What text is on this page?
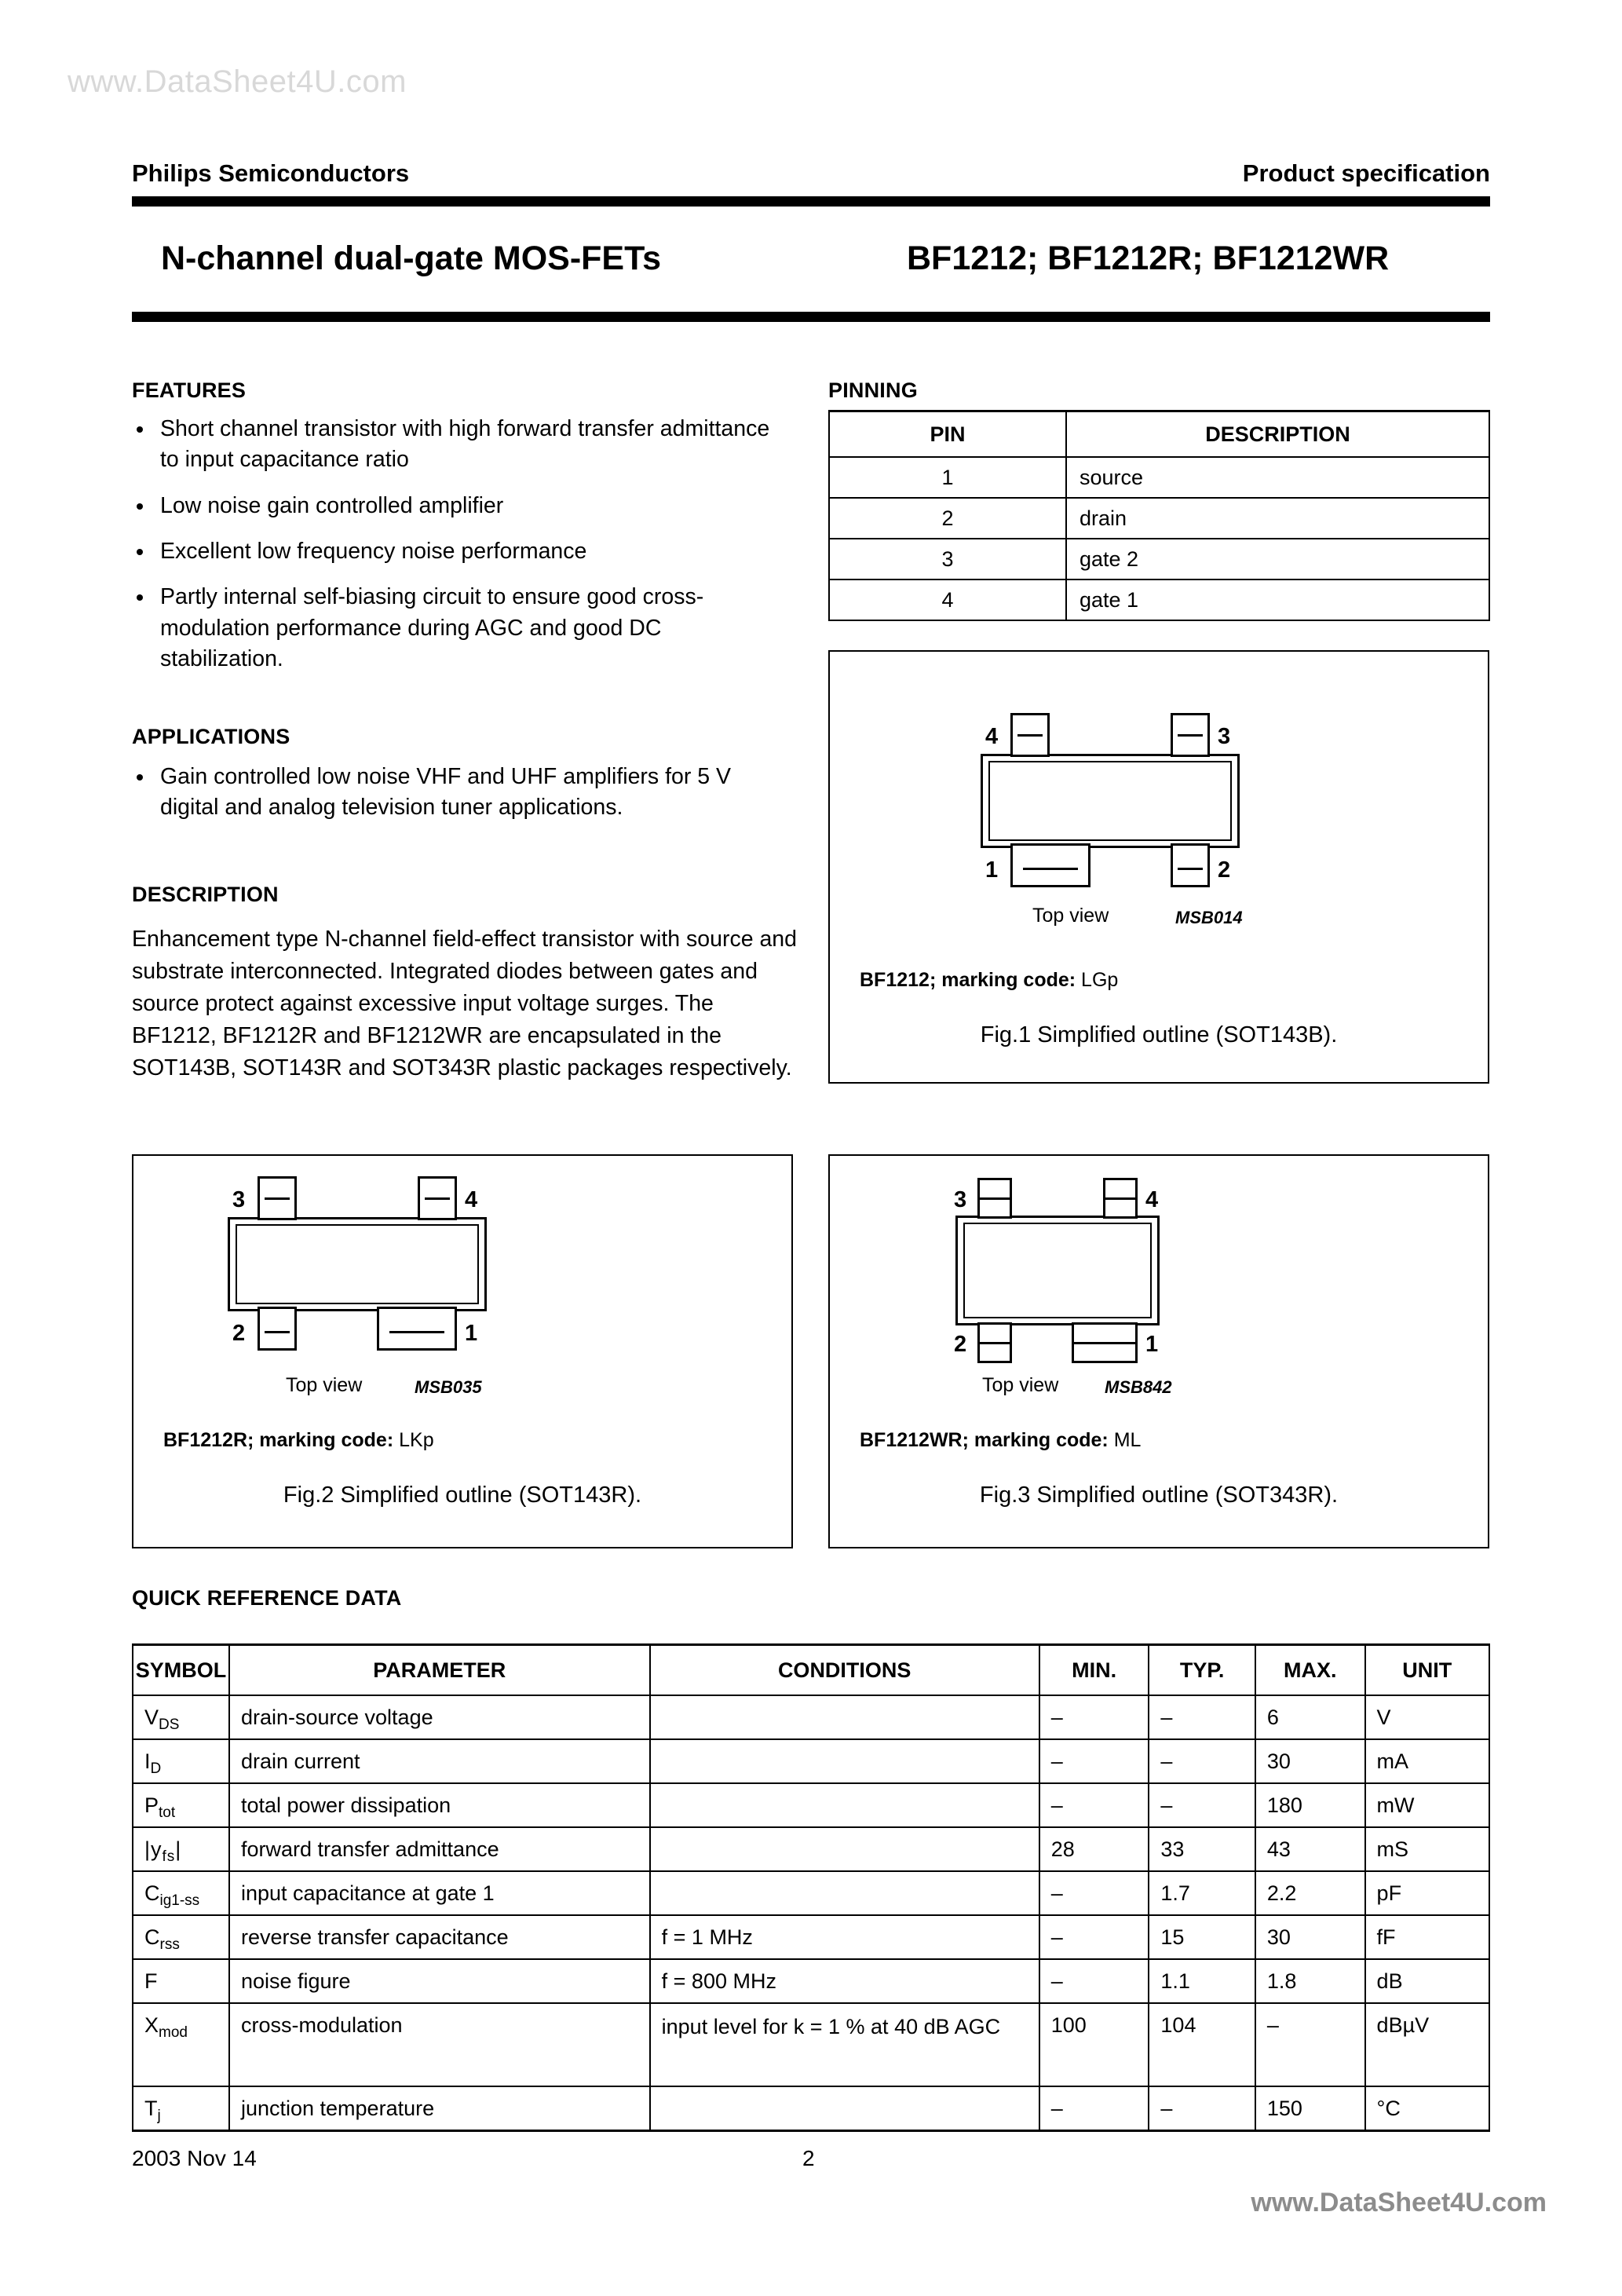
www.DataSheet4U.com
Philips Semiconductors	Product specification
N-channel dual-gate MOS-FETs	BF1212; BF1212R; BF1212WR
FEATURES
Short channel transistor with high forward transfer admittance to input capacitance ratio
Low noise gain controlled amplifier
Excellent low frequency noise performance
Partly internal self-biasing circuit to ensure good cross-modulation performance during AGC and good DC stabilization.
APPLICATIONS
Gain controlled low noise VHF and UHF amplifiers for 5 V digital and analog television tuner applications.
DESCRIPTION

Enhancement type N-channel field-effect transistor with source and substrate interconnected. Integrated diodes between gates and source protect against excessive input voltage surges. The BF1212, BF1212R and BF1212WR are encapsulated in the SOT143B, SOT143R and SOT343R plastic packages respectively.

PINNING
PIN	DESCRIPTION
1	source
2	drain
3	gate 2
4	gate 1
4	3
1	2
Top view	MSB014
BF1212; marking code: LGp
Fig.1 Simplified outline (SOT143B).
3	4
2	1
Top view	MSB035
BF1212R; marking code: LKp
Fig.2 Simplified outline (SOT143R).
3	4
2	1
Top view	MSB842
BF1212WR; marking code: ML
Fig.3 Simplified outline (SOT343R).
QUICK REFERENCE DATA
SYMBOL	PARAMETER	CONDITIONS	MIN.	TYP.	MAX.	UNIT
$V_{DS}$	drain-source voltage		–	–	6	V
$I_D$	drain current		–	–	30	mA
$P_{tot}$	total power dissipation		–	–	180	mW
$|y_{fs}|$	forward transfer admittance		28	33	43	mS
$C_{ig1-ss}$	input capacitance at gate 1		–	1.7	2.2	pF
$C_{rss}$	reverse transfer capacitance	f = 1 MHz	–	15	30	fF
F	noise figure	f = 800 MHz	–	1.1	1.8	dB
$X_{mod}$	cross-modulation	input level for k = 1 % at 40 dB AGC	100	104	–	dBµV
$T_j$	junction temperature		–	–	150	°C
2003 Nov 14	2
www.DataSheet4U.com
